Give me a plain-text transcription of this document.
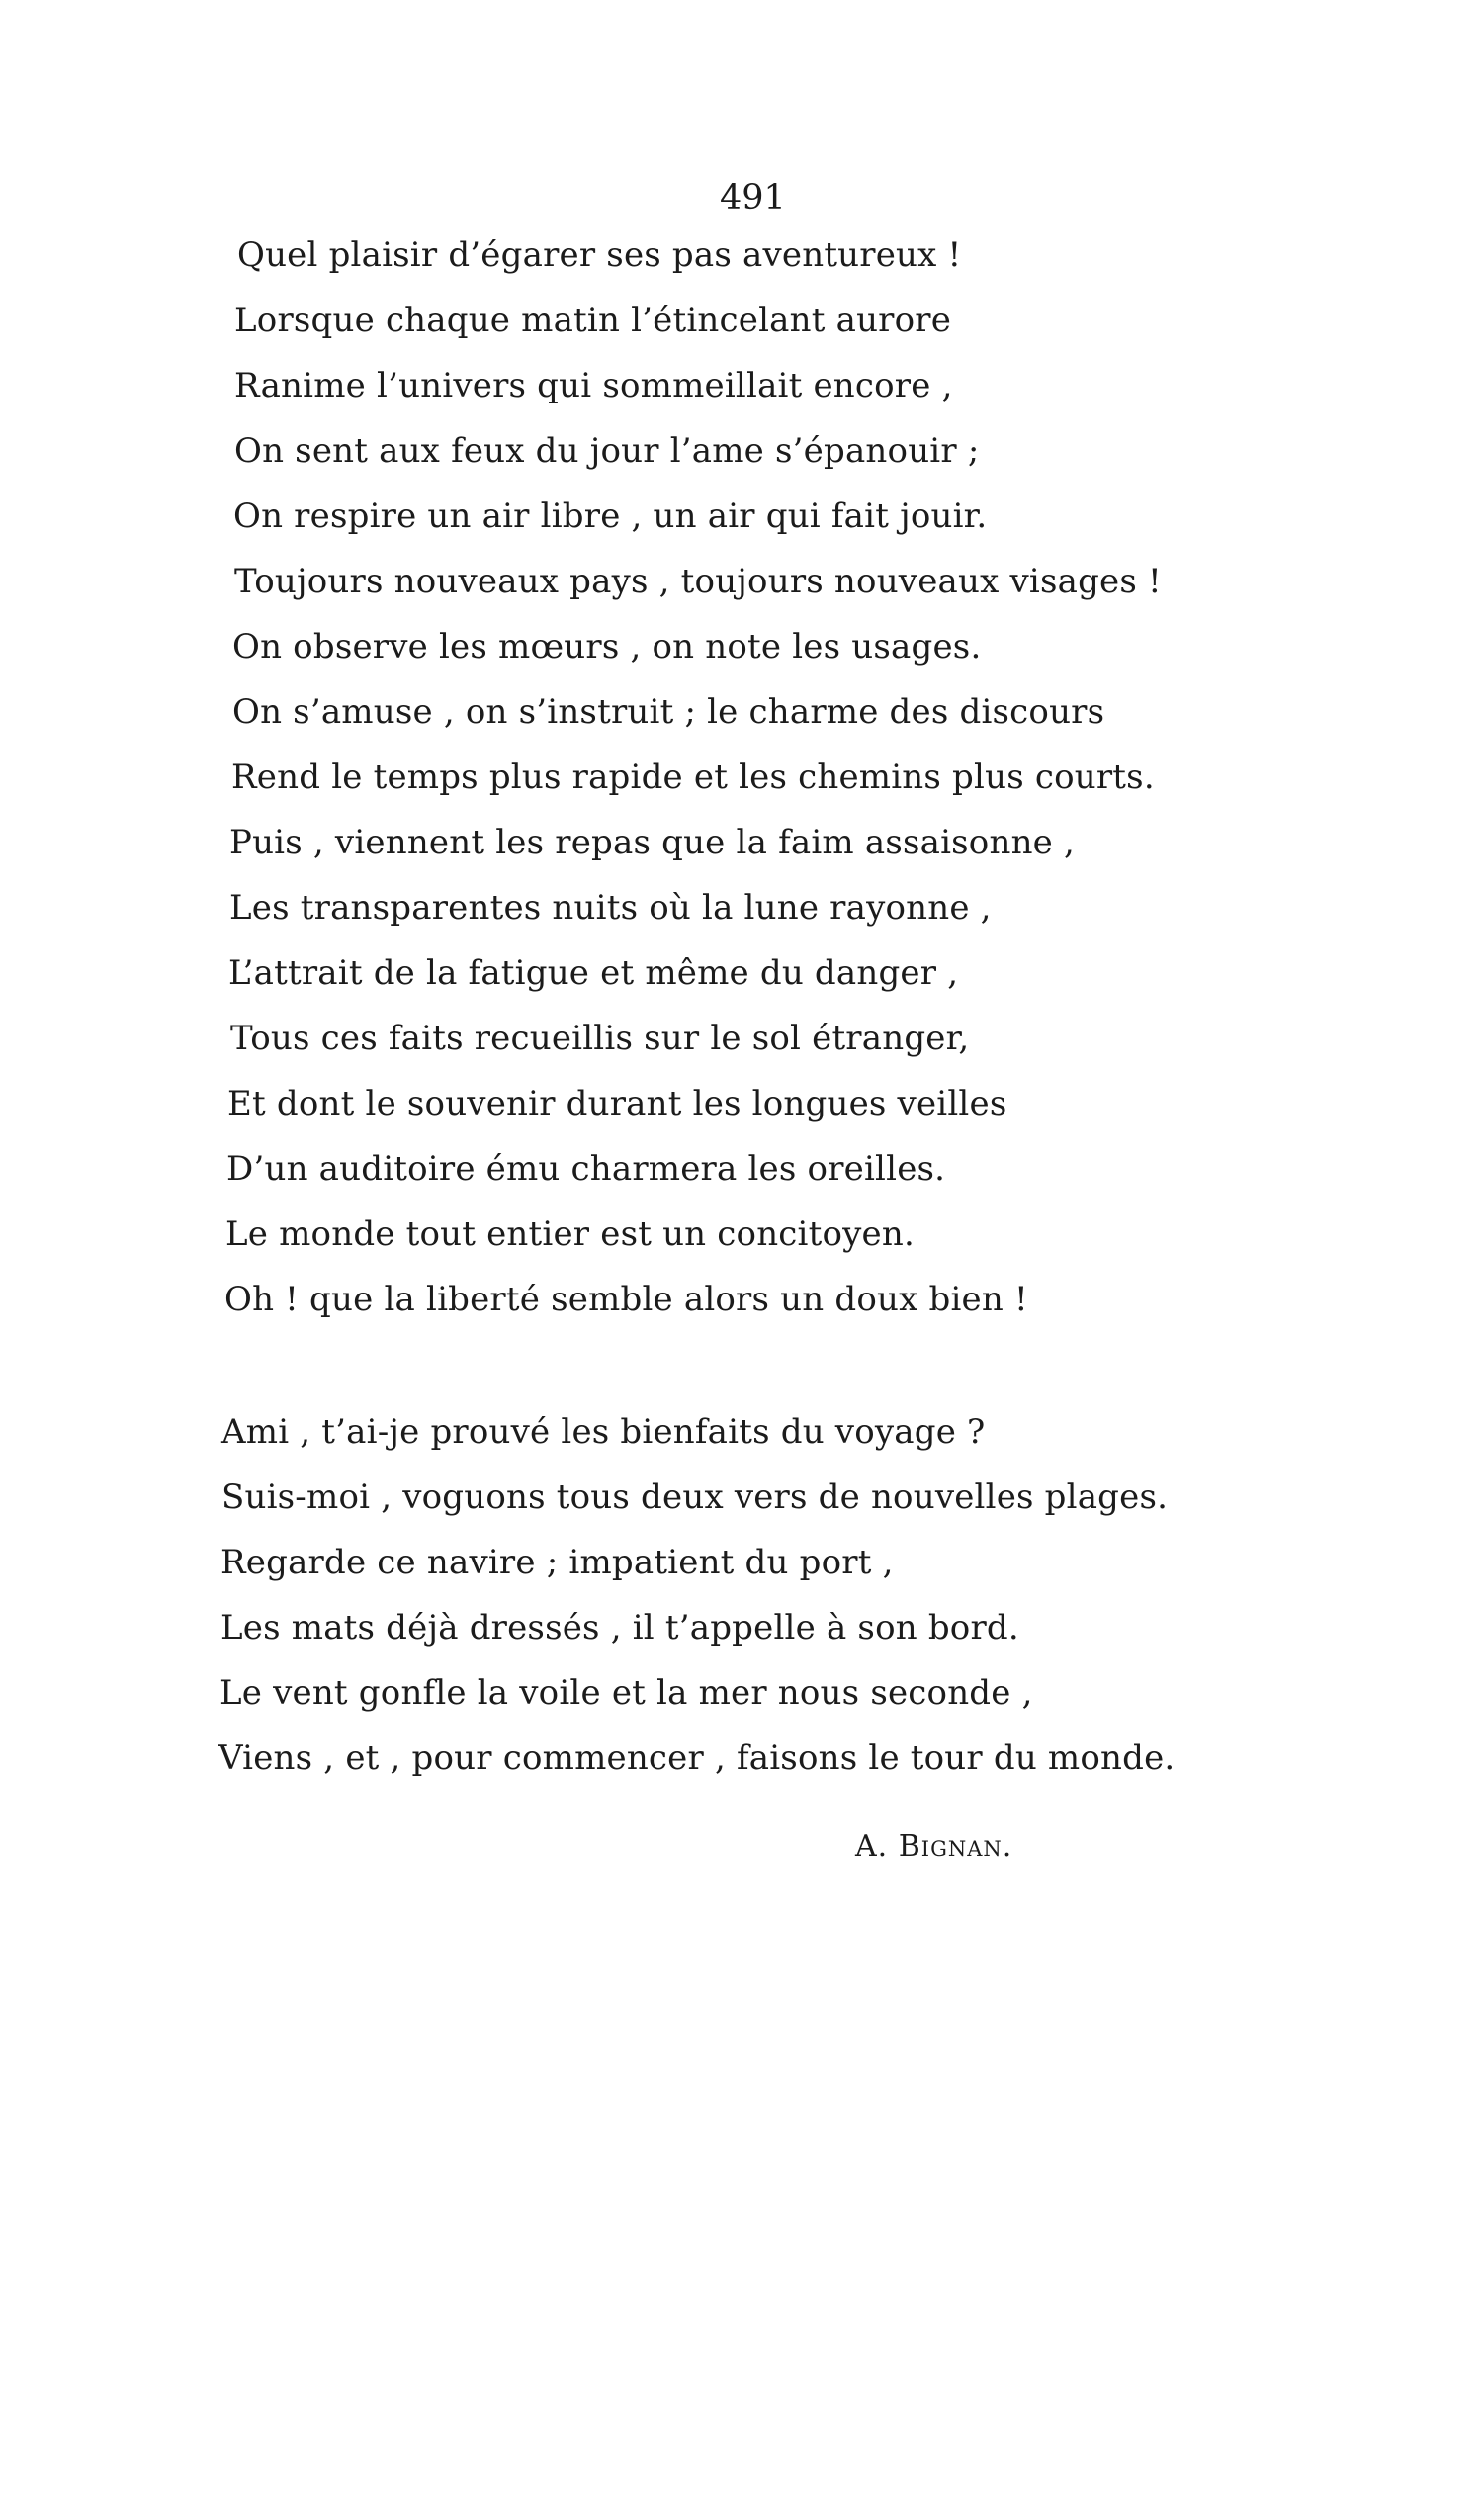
491
Quel plaisir d’égarer ses pas aventureux !
Lorsque chaque matin l’étincelant aurore
Ranime l’univers qui sommeillait encore ,
On sent aux feux du jour l’ame s’épanouir ;
On respire un air libre , un air qui fait jouir.
Toujours nouveaux pays , toujours nouveaux visages !
On observe les mœurs , on note les usages.
On s’amuse , on s’instruit ; le charme des discours
Rend le temps plus rapide et les chemins plus courts.
Puis , viennent les repas que la faim assaisonne ,
Les transparentes nuits où la lune rayonne ,
L’attrait de la fatigue et même du danger ,
Tous ces faits recueillis sur le sol étranger,
Et dont le souvenir durant les longues veilles
D’un auditoire ému charmera les oreilles.
Le monde tout entier est un concitoyen.
Oh ! que la liberté semble alors un doux bien !
Ami , t’ai-je prouvé les bienfaits du voyage ?
Suis-moi , voguons tous deux vers de nouvelles plages.
Regarde ce navire ; impatient du port ,
Les mats déjà dressés , il t’appelle à son bord.
Le vent gonfle la voile et la mer nous seconde ,
Viens , et , pour commencer , faisons le tour du monde.
A. Bignan.
